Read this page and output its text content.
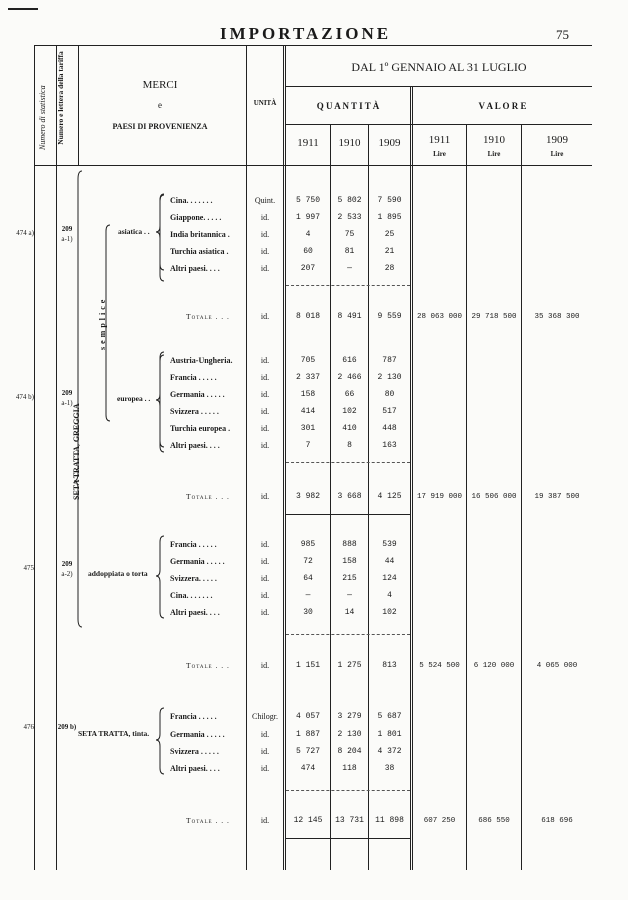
IMPORTAZIONE	75
Numero di statistica Numero e lettera della tariffa	MERCI
e
PAESI DI PROVENIENZA
UNITÀ
DAL 1º GENNAIO AL 31 LUGLIO
Q U A N T I T À	V A L O R E
1911	1910	1909	1911	1910	1909
Lire	Lire	Lire
SETA TRATTA, GREGGIA
semplice
asiatica . .
europea . .
addoppiata o torta
SETA TRATTA, tinta.
474 a)	209
a-1)
Cina. . . . . . .	Quint.	5 750	5 802	7 590
Giappone. . . . .	id.	1 997	2 533	1 895
India britannica .	id.	4	75	25
Turchia asiatica .	id.	60	81	21
Altri paesi. . . .	id.	207	—	28
Totale . . .	id.	8 018	8 491	9 559	28 063 000	29 718 500	35 368 300
474 b)	209
a-1)
Austria-Ungheria.	id.	705	616	787
Francia . . . . .	id.	2 337	2 466	2 130
Germania . . . . .	id.	158	66	80
Svizzera . . . . .	id.	414	102	517
Turchia europea .	id.	301	410	448
Altri paesi. . . .	id.	7	8	163
Totale . . .	id.	3 982	3 668	4 125	17 919 000	16 506 000	19 387 500
475	209
a-2)
Francia . . . . .	id.	985	888	539
Germania . . . . .	id.	72	158	44
Svizzera. . . . .	id.	64	215	124
Cina. . . . . . .	id.	—	—	4
Altri paesi. . . .	id.	30	14	102
Totale . . .	id.	1 151	1 275	813	5 524 500	6 120 000	4 065 000
476	209 b)
Francia . . . . .	Chilogr.	4 057	3 279	5 687
Germania . . . . .	id.	1 887	2 130	1 801
Svizzera . . . . .	id.	5 727	8 204	4 372
Altri paesi. . . .	id.	474	118	38
Totale . . .	id.	12 145	13 731	11 898	607 250	686 550	618 696
